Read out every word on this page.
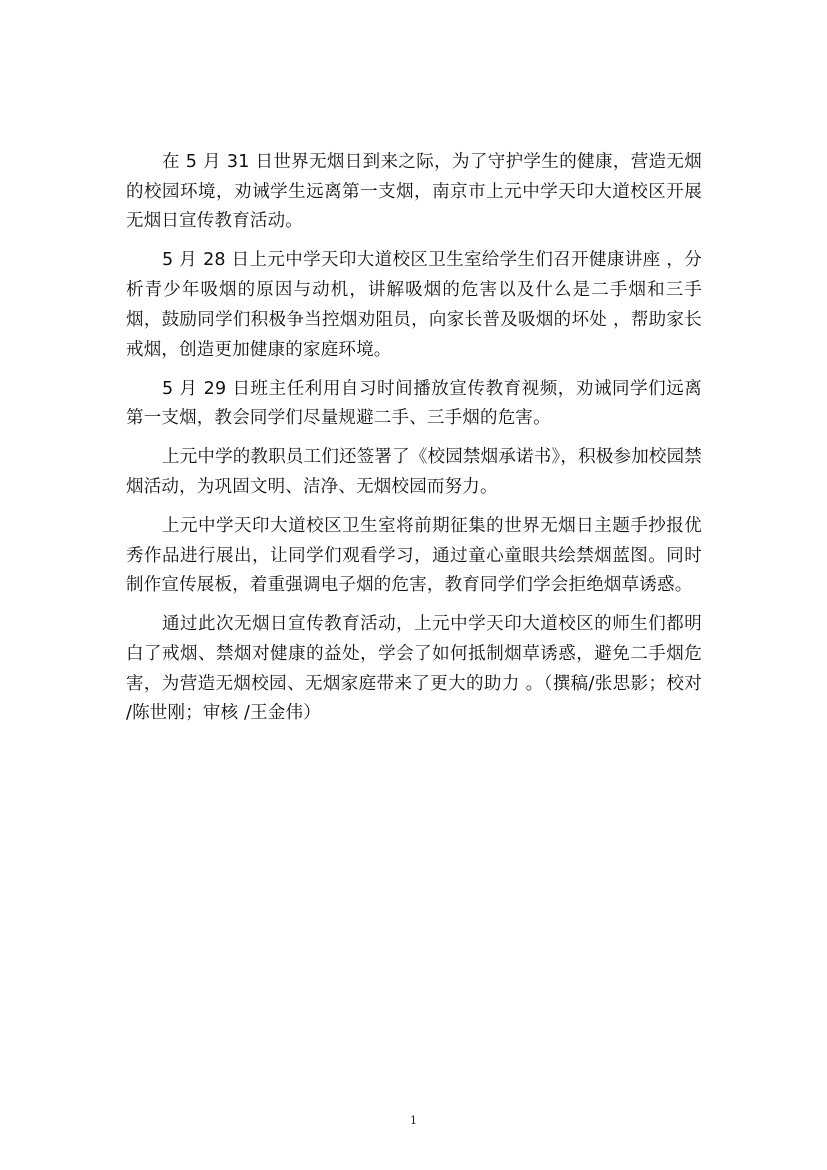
在 5 月 31 日世界无烟日到来之际，为了守护学生的健康，营造无烟的校园环境，劝诫学生远离第一支烟，南京市上元中学天印大道校区开展无烟日宣传教育活动。

5 月 28 日上元中学天印大道校区卫生室给学生们召开健康讲座 ，分析青少年吸烟的原因与动机，讲解吸烟的危害以及什么是二手烟和三手烟，鼓励同学们积极争当控烟劝阻员，向家长普及吸烟的坏处 ，帮助家长戒烟，创造更加健康的家庭环境。

5 月 29 日班主任利用自习时间播放宣传教育视频，劝诫同学们远离第一支烟，教会同学们尽量规避二手、三手烟的危害。

上元中学的教职员工们还签署了《校园禁烟承诺书》，积极参加校园禁烟活动，为巩固文明、洁净、无烟校园而努力。

上元中学天印大道校区卫生室将前期征集的世界无烟日主题手抄报优秀作品进行展出，让同学们观看学习，通过童心童眼共绘禁烟蓝图。同时制作宣传展板，着重强调电子烟的危害，教育同学们学会拒绝烟草诱惑。

通过此次无烟日宣传教育活动，上元中学天印大道校区的师生们都明白了戒烟、禁烟对健康的益处，学会了如何抵制烟草诱惑，避免二手烟危害，为营造无烟校园、无烟家庭带来了更大的助力 。（撰稿/张思影；校对 /陈世刚；审核 /王金伟）

1
